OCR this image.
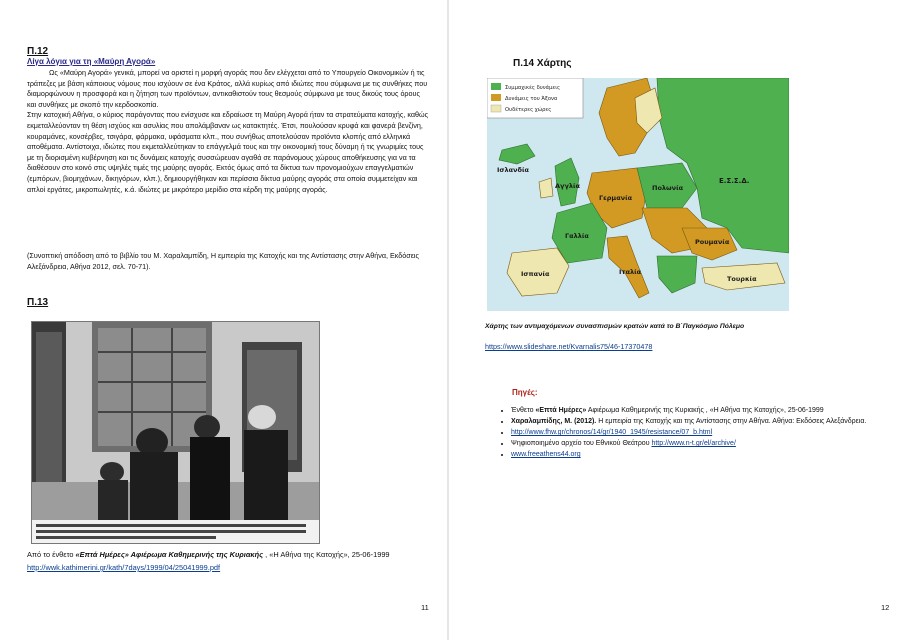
Π.12
Λίγα λόγια για τη «Μαύρη Αγορά»

Ως «Μαύρη Αγορά» γενικά, μπορεί να οριστεί η μορφή αγοράς που δεν ελέγχεται από το Υπουργείο Οικονομικών ή τις τράπεζες με βάση κάποιους νόμους που ισχύουν σε ένα Κράτος, αλλά κυρίως από ιδιώτες που σύμφωνα με τις συνθήκες που διαμορφώνουν η προσφορά και η ζήτηση των προϊόντων, αντικαθιστούν τους θεσμούς σύμφωνα με τους δικούς τους όρους και συνθήκες με σκοπό την κερδοσκοπία.

Στην κατοχική Αθήνα, ο κύριος παράγοντας που ενίσχυσε και εδραίωσε τη Μαύρη Αγορά ήταν τα στρατεύματα κατοχής, καθώς εκμεταλλεύονταν τη θέση ισχύος και ασυλίας που απολάμβαναν ως κατακτητές. Έτσι, πουλούσαν κρυφά και φανερά βενζίνη, κουραμάνες, κονσέρβες, τσιγάρα, φάρμακα, υφάσματα κλπ., που συνήθως αποτελούσαν προϊόντα κλοπής από ελληνικά αποθέματα. Αντίστοιχα, ιδιώτες που εκμεταλλεύτηκαν το επάγγελμά τους και την οικονομική τους δύναμη ή τις γνωριμίες τους με τη διορισμένη κυβέρνηση και τις δυνάμεις κατοχής συσσώρευαν αγαθά σε παράνομους χώρους αποθήκευσης για να τα διαθέσουν στο κοινό στις υψηλές τιμές της μαύρης αγοράς. Εκτός όμως από τα δίκτυα των προνομιούχων επαγγελματιών (εμπόρων, βιομηχάνων, δικηγόρων, κλπ.), δημιουργήθηκαν και περίσσια δίκτυα μαύρης αγοράς στα οποία συμμετείχαν και απλοί εργάτες, μικροπωλητές, κ.ά. ιδιώτες με μικρότερο μερίδιο στα κέρδη της μαύρης αγοράς.

(Συνοπτική απόδοση από το βιβλίο του Μ. Χαραλαμπίδη, Η εμπειρία της Κατοχής και της Αντίστασης στην Αθήνα, Εκδόσεις Αλεξάνδρεια, Αθήνα 2012, σελ. 70-71).
Π.13
Από το ένθετο «Επτά Ημέρες» Αφιέρωμα Καθημερινής της Κυριακής , «Η Αθήνα της Κατοχής», 25-06-1999
http://wwk.kathimerini.gr/kath/7days/1999/04/25041999.pdf
11
Π.14 Χάρτης
Συμμαχικές δυνάμεις
Δυνάμεις του Άξονα
Ουδέτερες χώρες
Ισλανδία
Αγγλία
Ε.Σ.Σ.Δ.
Γερμανία
Πολωνία
Γαλλία
Ρουμανία
Ισπανία	Ιταλία
Τουρκία
Χάρτης των αντιμαχόμενων συνασπισμών κρατών κατά το Β΄Παγκόσμιο Πόλεμο
https://www.slideshare.net/Kvarnalis75/46-17370478
Πηγές:
• Ένθετο «Επτά Ημέρες» Αφιέρωμα Καθημερινής της Κυριακής , «Η Αθήνα της Κατοχής», 25-06-1999
• Χαραλαμπίδης, Μ. (2012). Η εμπειρία της Κατοχής και της Αντίστασης στην Αθήνα. Αθήνα: Εκδόσεις Αλεξάνδρεια.
• http://www.fhw.gr/chronos/14/gr/1940_1945/resistance/07_b.html
• Ψηφιοποιημένο αρχείο του Εθνικού Θεάτρου http://www.n-t.gr/el/archive/
• www.freeathens44.org
12
